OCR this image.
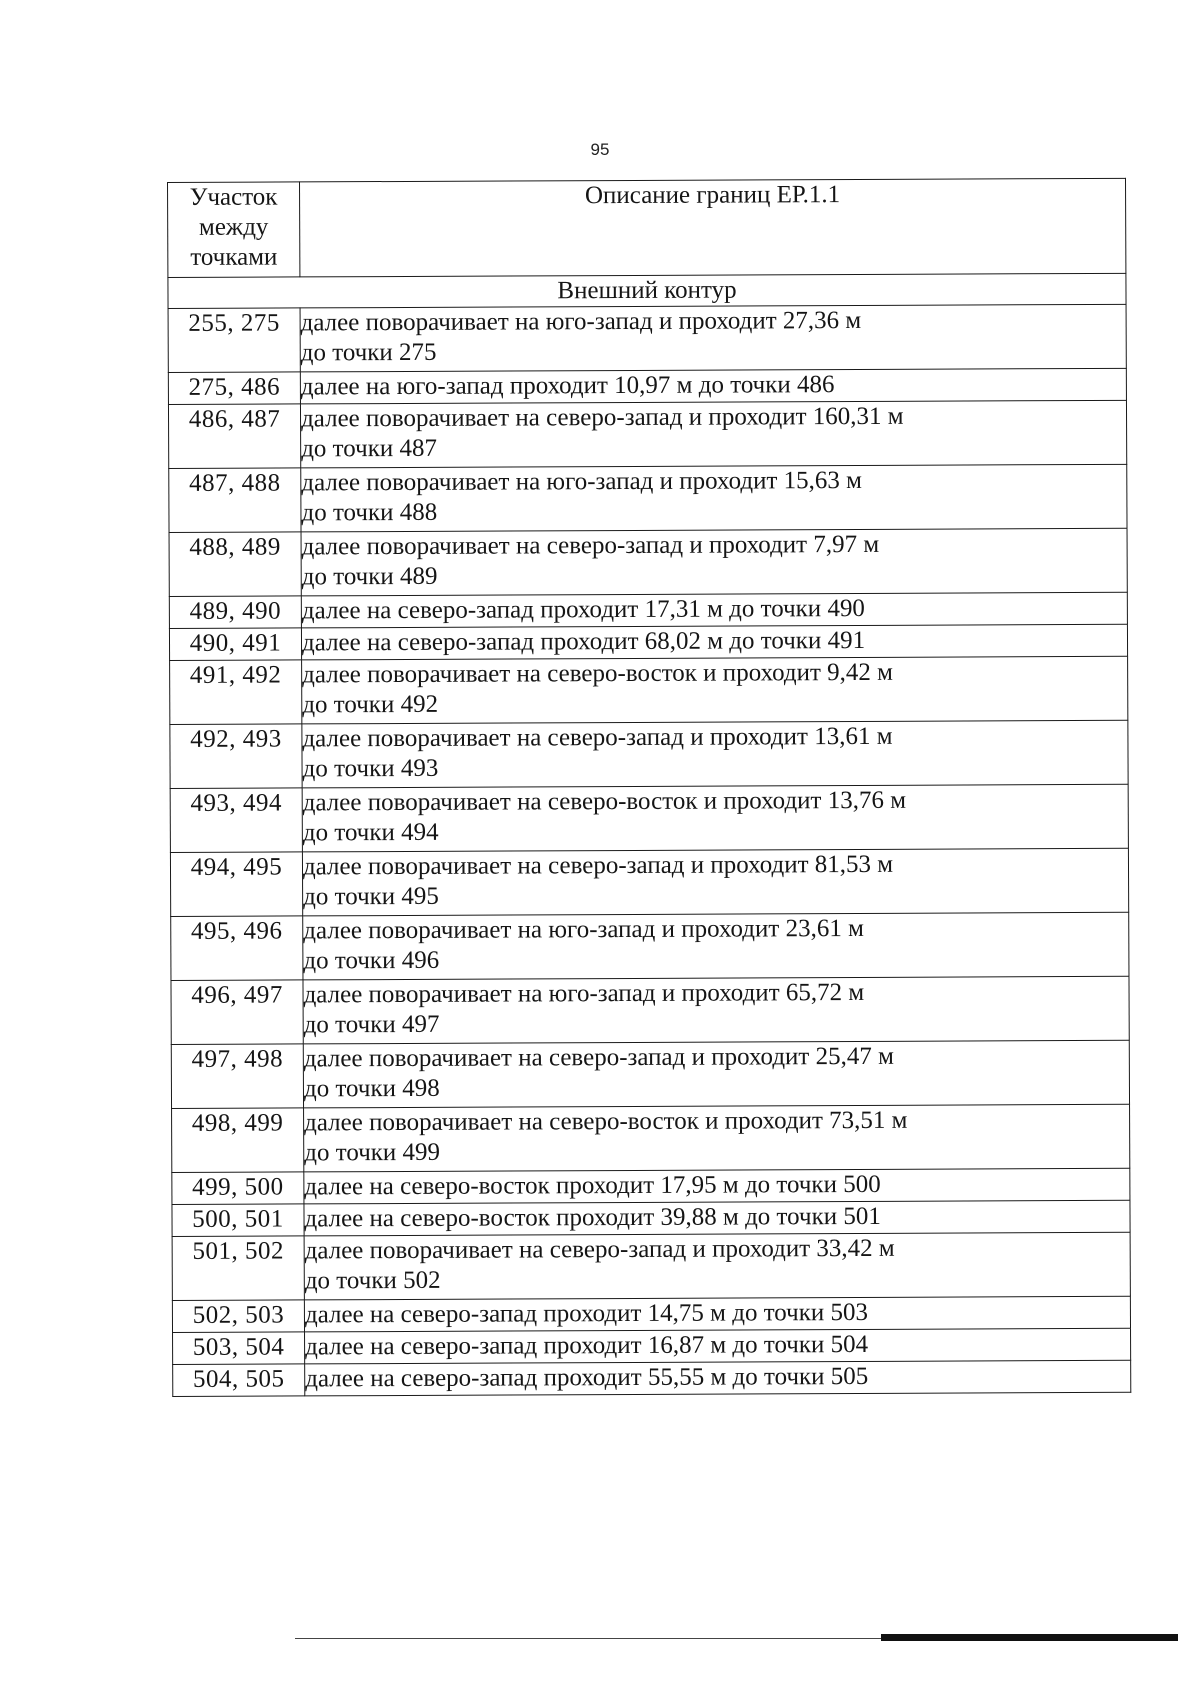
95
Участок между точками	Описание границ ЕР.1.1
Внешний контур	
255, 275	далее поворачивает на юго-запад и проходит 27,36 м
до точки 275

275, 486	далее на юго-запад проходит 10,97 м до точки 486

486, 487	далее поворачивает на северо-запад и проходит 160,31 м
до точки 487

487, 488	далее поворачивает на юго-запад и проходит 15,63 м
до точки 488

488, 489	далее поворачивает на северо-запад и проходит 7,97 м
до точки 489

489, 490	далее на северо-запад проходит 17,31 м до точки 490

490, 491	далее на северо-запад проходит 68,02 м до точки 491

491, 492	далее поворачивает на северо-восток и проходит 9,42 м
до точки 492

492, 493	далее поворачивает на северо-запад и проходит 13,61 м
до точки 493

493, 494	далее поворачивает на северо-восток и проходит 13,76 м
до точки 494

494, 495	далее поворачивает на северо-запад и проходит 81,53 м
до точки 495

495, 496	далее поворачивает на юго-запад и проходит 23,61 м
до точки 496

496, 497	далее поворачивает на юго-запад и проходит 65,72 м
до точки 497

497, 498	далее поворачивает на северо-запад и проходит 25,47 м
до точки 498

498, 499	далее поворачивает на северо-восток и проходит 73,51 м
до точки 499

499, 500	далее на северо-восток проходит 17,95 м до точки 500

500, 501	далее на северо-восток проходит 39,88 м до точки 501

501, 502	далее поворачивает на северо-запад и проходит 33,42 м
до точки 502

502, 503	далее на северо-запад проходит 14,75 м до точки 503

503, 504	далее на северо-запад проходит 16,87 м до точки 504

504, 505	далее на северо-запад проходит 55,55 м до точки 505
